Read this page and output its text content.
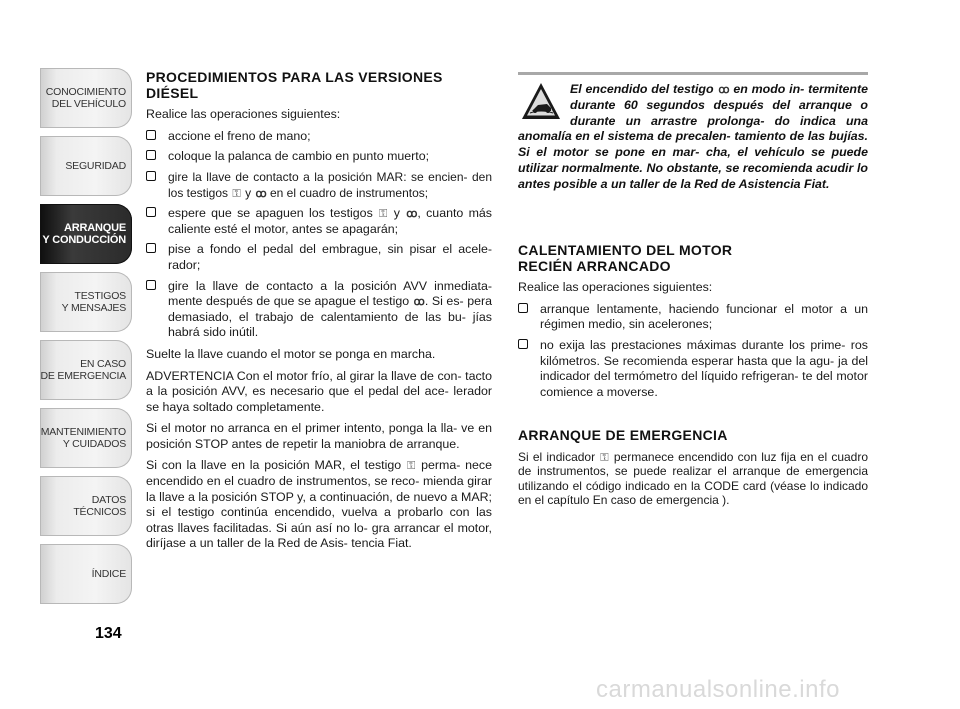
CONOCIMIENTO
DEL VEHÍCULO
SEGURIDAD
ARRANQUE
Y CONDUCCIÓN
TESTIGOS
Y MENSAJES
EN CASO
DE EMERGENCIA
MANTENIMIENTO
Y CUIDADOS
DATOS TÉCNICOS
ÍNDICE
134
PROCEDIMIENTOS PARA LAS VERSIONES
DIÉSEL

Realice las operaciones siguientes:

accione el freno de mano;
coloque la palanca de cambio en punto muerto;
gire la llave de contacto a la posición MAR: se encien- den los testigos ⚿ y ꝏ en el cuadro de instrumentos;
espere que se apaguen los testigos ⚿ y ꝏ, cuanto más caliente esté el motor, antes se apagarán;
pise a fondo el pedal del embrague, sin pisar el acele- rador;
gire la llave de contacto a la posición AVV inmediata- mente después de que se apague el testigo ꝏ. Si es- pera demasiado, el trabajo de calentamiento de las bu- jías habrá sido inútil.

Suelte la llave cuando el motor se ponga en marcha.

ADVERTENCIA Con el motor frío, al girar la llave de con- tacto a la posición AVV, es necesario que el pedal del ace- lerador se haya soltado completamente.

Si el motor no arranca en el primer intento, ponga la lla- ve en posición STOP antes de repetir la maniobra de arranque.

Si con la llave en la posición MAR, el testigo ⚿ perma- nece encendido en el cuadro de instrumentos, se reco- mienda girar la llave a la posición STOP y, a continuación, de nuevo a MAR; si el testigo continúa encendido, vuelva a probarlo con las otras llaves facilitadas. Si aún así no lo- gra arrancar el motor, diríjase a un taller de la Red de Asis- tencia Fiat.

El encendido del testigo ꝏ en modo in- termitente durante 60 segundos después del arranque o durante un arrastre prolonga- do indica una anomalía en el sistema de precalen- tamiento de las bujías. Si el motor se pone en mar- cha, el vehículo se puede utilizar normalmente. No obstante, se recomienda acudir lo antes posible a un taller de la Red de Asistencia Fiat.
CALENTAMIENTO DEL MOTOR
RECIÉN ARRANCADO

Realice las operaciones siguientes:

arranque lentamente, haciendo funcionar el motor a un régimen medio, sin acelerones;
no exija las prestaciones máximas durante los prime- ros kilómetros. Se recomienda esperar hasta que la agu- ja del indicador del termómetro del líquido refrigeran- te del motor comience a moverse.
ARRANQUE DE EMERGENCIA

Si el indicador ⚿ permanece encendido con luz fija en el cuadro de instrumentos, se puede realizar el arranque de emergencia utilizando el código indicado en la CODE card (véase lo indicado en el capítulo En caso de emergencia ).

carmanualsonline.info
